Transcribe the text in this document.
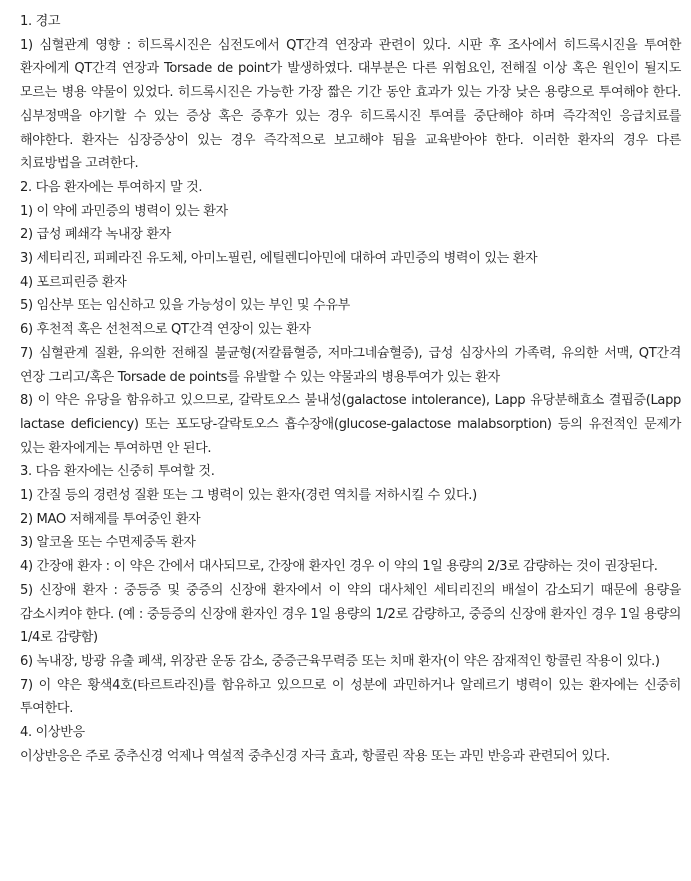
1. 경고

1) 심혈관계 영향 : 히드록시진은 심전도에서 QT간격 연장과 관련이 있다. 시판 후 조사에서 히드록시진을 투여한 환자에게 QT간격 연장과 Torsade de point가 발생하였다. 대부분은 다른 위험요인, 전해질 이상 혹은 원인이 될지도 모르는 병용 약물이 있었다. 히드록시진은 가능한 가장 짧은 기간 동안 효과가 있는 가장 낮은 용량으로 투여해야 한다. 심부정맥을 야기할 수 있는 증상 혹은 증후가 있는 경우 히드록시진 투여를 중단해야 하며 즉각적인 응급치료를 해야한다. 환자는 심장증상이 있는 경우 즉각적으로 보고해야 됨을 교육받아야 한다. 이러한 환자의 경우 다른 치료방법을 고려한다.

2. 다음 환자에는 투여하지 말 것.

1) 이 약에 과민증의 병력이 있는 환자

2) 급성 폐쇄각 녹내장 환자

3) 세티리진, 피페라진 유도체, 아미노필린, 에틸렌디아민에 대하여 과민증의 병력이 있는 환자

4) 포르피린증 환자

5) 임산부 또는 임신하고 있을 가능성이 있는 부인 및 수유부

6) 후천적 혹은 선천적으로 QT간격 연장이 있는 환자

7) 심혈관계 질환, 유의한 전해질 불균형(저칼륨혈증, 저마그네슘혈증), 급성 심장사의 가족력, 유의한 서맥, QT간격 연장 그리고/혹은 Torsade de points를 유발할 수 있는 약물과의 병용투여가 있는 환자

8) 이 약은 유당을 함유하고 있으므로, 갈락토오스 불내성(galactose intolerance), Lapp 유당분해효소 결핍증(Lapp lactase deficiency) 또는 포도당-갈락토오스 흡수장애(glucose-galactose malabsorption) 등의 유전적인 문제가 있는 환자에게는 투여하면 안 된다.

3. 다음 환자에는 신중히 투여할 것.

1) 간질 등의 경련성 질환 또는 그 병력이 있는 환자(경련 역치를 저하시킬 수 있다.)

2) MAO 저해제를 투여중인 환자

3) 알코올 또는 수면제중독 환자

4) 간장애 환자 : 이 약은 간에서 대사되므로, 간장애 환자인 경우 이 약의 1일 용량의 2/3로 감량하는 것이 권장된다.

5) 신장애 환자 : 중등증 및 중증의 신장애 환자에서 이 약의 대사체인 세티리진의 배설이 감소되기 때문에 용량을 감소시켜야 한다. (예 : 중등증의 신장애 환자인 경우 1일 용량의 1/2로 감량하고, 중증의 신장애 환자인 경우 1일 용량의 1/4로 감량함)

6) 녹내장, 방광 유출 폐색, 위장관 운동 감소, 중증근육무력증 또는 치매 환자(이 약은 잠재적인 항콜린 작용이 있다.)

7) 이 약은 황색4호(타르트라진)를 함유하고 있으므로 이 성분에 과민하거나 알레르기 병력이 있는 환자에는 신중히 투여한다.

4. 이상반응

이상반응은 주로 중추신경 억제나 역설적 중추신경 자극 효과, 항콜린 작용 또는 과민 반응과 관련되어 있다.
